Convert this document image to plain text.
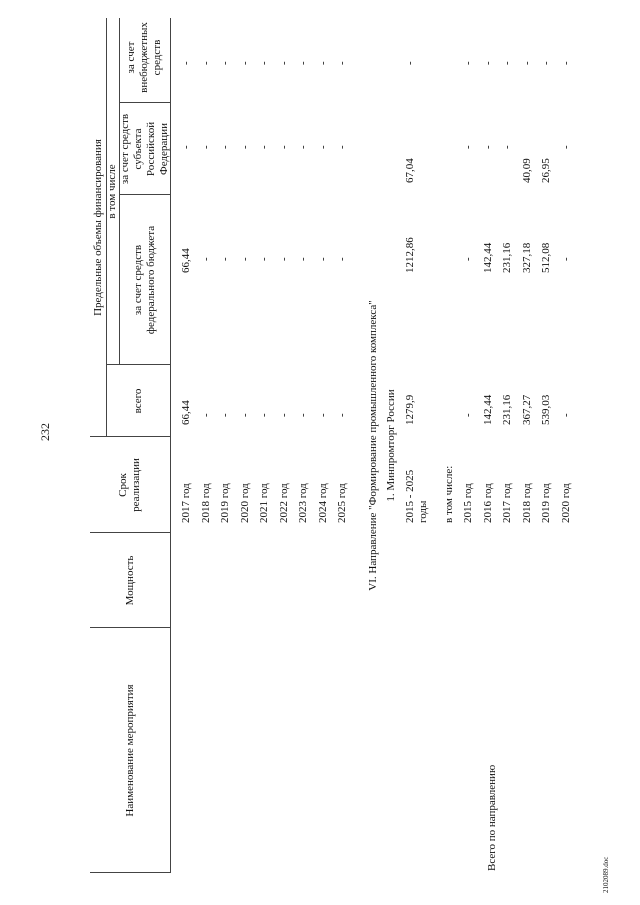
232
2102089.doc
Наименование мероприятия
Мощность
Срок реализации
Предельные объемы финансирования
всего
в том числе
за счет средств федерального бюджета
за счет средств субъекта Российской Федерации
за счет внебюджетных средств
2017 год
66,44
66,44
-
-
2018 год
-
-
-
-
2019 год
-
-
-
-
2020 год
-
-
-
-
2021 год
-
-
-
-
2022 год
-
-
-
-
2023 год
-
-
-
-
2024 год
-
-
-
-
2025 год
-
-
-
-
VI. Направление "Формирование промышленного комплекса" 1. Минпромторг России
Всего по направлению
2015 - 2025 годы
1279,9
1212,86
67,04
-
в том числе: 2015 год
-
-
-
-
2016 год
142,44
142,44
-
-
2017 год
231,16
231,16
-
-
2018 год
367,27
327,18
40,09
-
2019 год
539,03
512,08
26,95
-
2020 год
-
-
-
-
